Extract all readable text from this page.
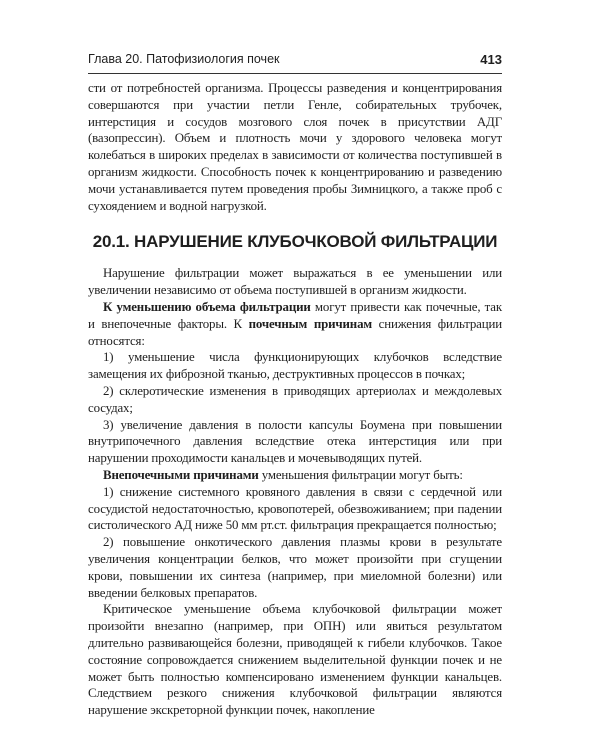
Глава 20. Патофизиология почек	413

сти от потребностей организма. Процессы разведения и концентрирования совершаются при участии петли Генле, собирательных трубочек, интерстиция и сосудов мозгового слоя почек в присутствии АДГ (вазопрессин). Объем и плотность мочи у здорового человека могут колебаться в широких пределах в зависимости от количества поступившей в организм жидкости. Способность почек к концентрированию и разведению мочи устанавливается путем проведения пробы Зимницкого, а также проб с сухоядением и водной нагрузкой.

20.1. НАРУШЕНИЕ КЛУБОЧКОВОЙ ФИЛЬТРАЦИИ

Нарушение фильтрации может выражаться в ее уменьшении или увеличении независимо от объема поступившей в организм жидкости.

К уменьшению объема фильтрации могут привести как почечные, так и внепочечные факторы. К почечным причинам снижения фильтрации относятся:

1) уменьшение числа функционирующих клубочков вследствие замещения их фиброзной тканью, деструктивных процессов в почках;

2) склеротические изменения в приводящих артериолах и междолевых сосудах;

3) увеличение давления в полости капсулы Боумена при повышении внутрипочечного давления вследствие отека интерстиция или при нарушении проходимости канальцев и мочевыводящих путей.

Внепочечными причинами уменьшения фильтрации могут быть:

1) снижение системного кровяного давления в связи с сердечной или сосудистой недостаточностью, кровопотерей, обезвоживанием; при падении систолического АД ниже 50 мм рт.ст. фильтрация прекращается полностью;

2) повышение онкотического давления плазмы крови в результате увеличения концентрации белков, что может произойти при сгущении крови, повышении их синтеза (например, при миеломной болезни) или введении белковых препаратов.

Критическое уменьшение объема клубочковой фильтрации может произойти внезапно (например, при ОПН) или явиться результатом длительно развивающейся болезни, приводящей к гибели клубочков. Такое состояние сопровождается снижением выделительной функции почек и не может быть полностью компенсировано изменением функции канальцев. Следствием резкого снижения клубочковой фильтрации являются нарушение экскреторной функции почек, накопление
